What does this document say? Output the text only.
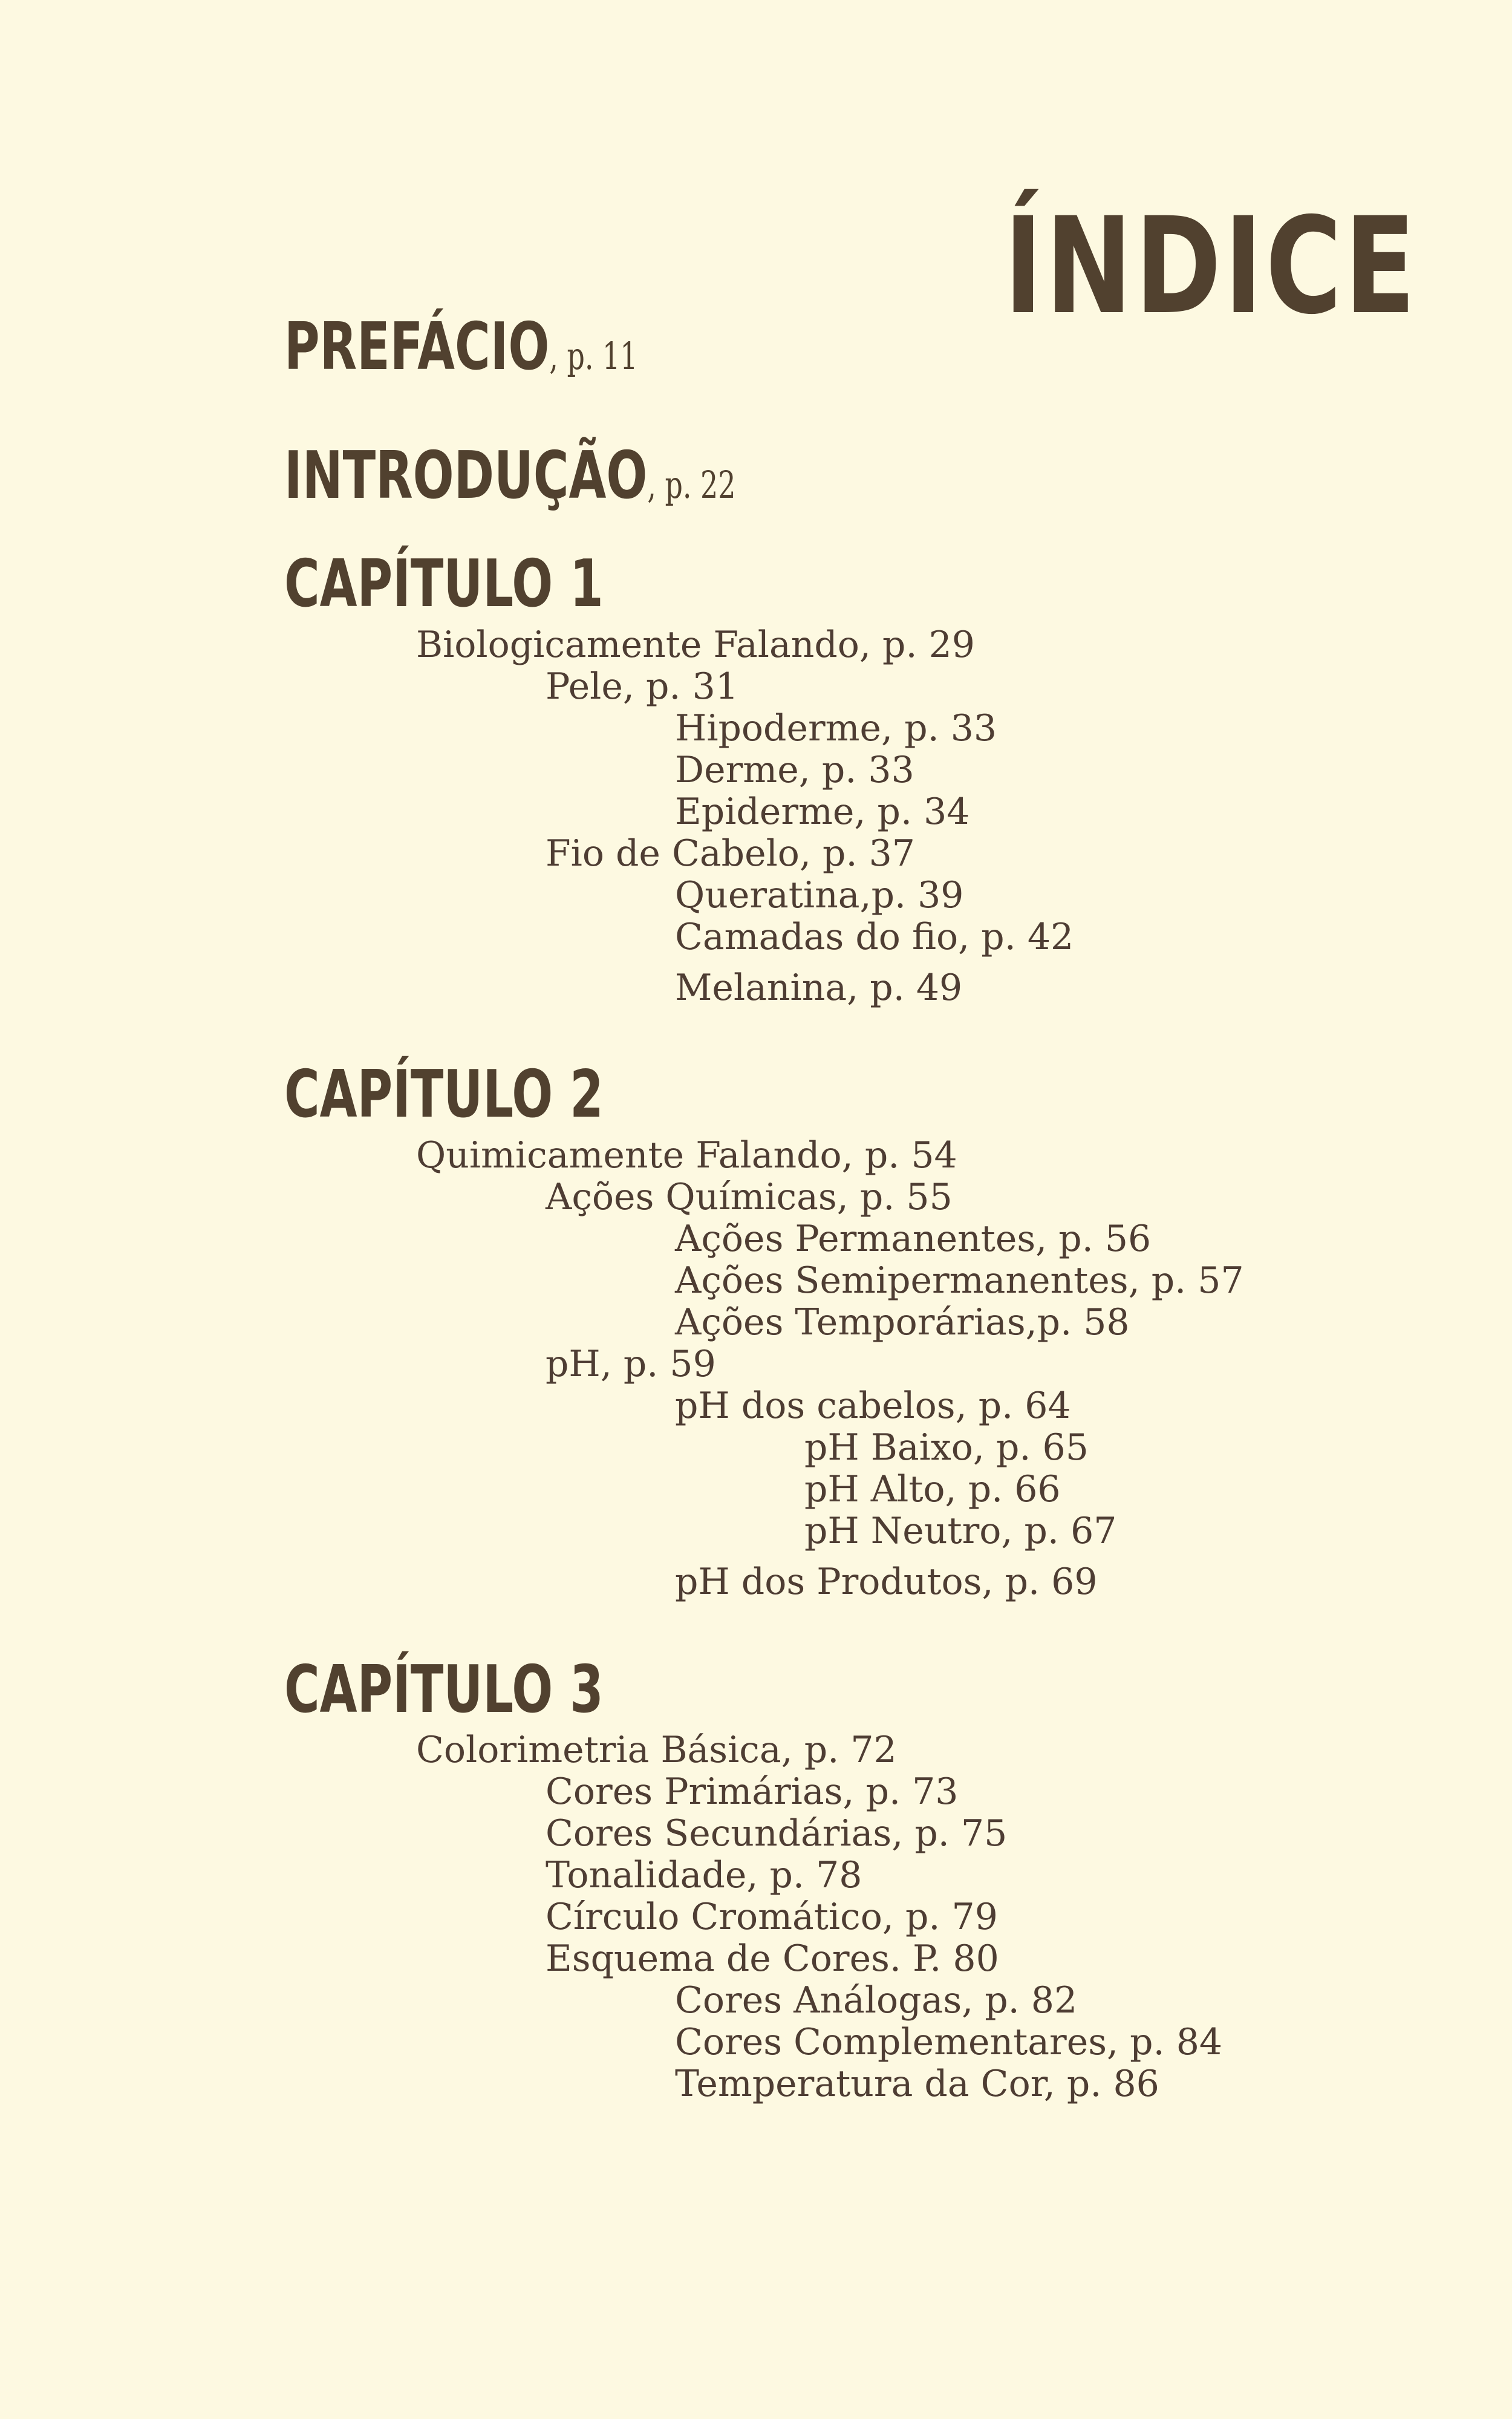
ÍNDICE
PREFÁCIO, p. 11
INTRODUÇÃO, p. 22
CAPÍTULO 1
Biologicamente Falando, p. 29
Pele, p. 31
Hipoderme, p. 33
Derme, p. 33
Epiderme, p. 34
Fio de Cabelo, p. 37
Queratina,p. 39
Camadas do fio, p. 42
Melanina, p. 49
CAPÍTULO 2
Quimicamente Falando, p. 54
Ações Químicas, p. 55
Ações Permanentes, p. 56
Ações Semipermanentes, p. 57
Ações Temporárias,p. 58
pH, p. 59
pH dos cabelos, p. 64
pH Baixo, p. 65
pH Alto, p. 66
pH Neutro, p. 67
pH dos Produtos, p. 69
CAPÍTULO 3
Colorimetria Básica, p. 72
Cores Primárias, p. 73
Cores Secundárias, p. 75
Tonalidade, p. 78
Círculo Cromático, p. 79
Esquema de Cores. P. 80
Cores Análogas, p. 82
Cores Complementares, p. 84
Temperatura da Cor, p. 86
